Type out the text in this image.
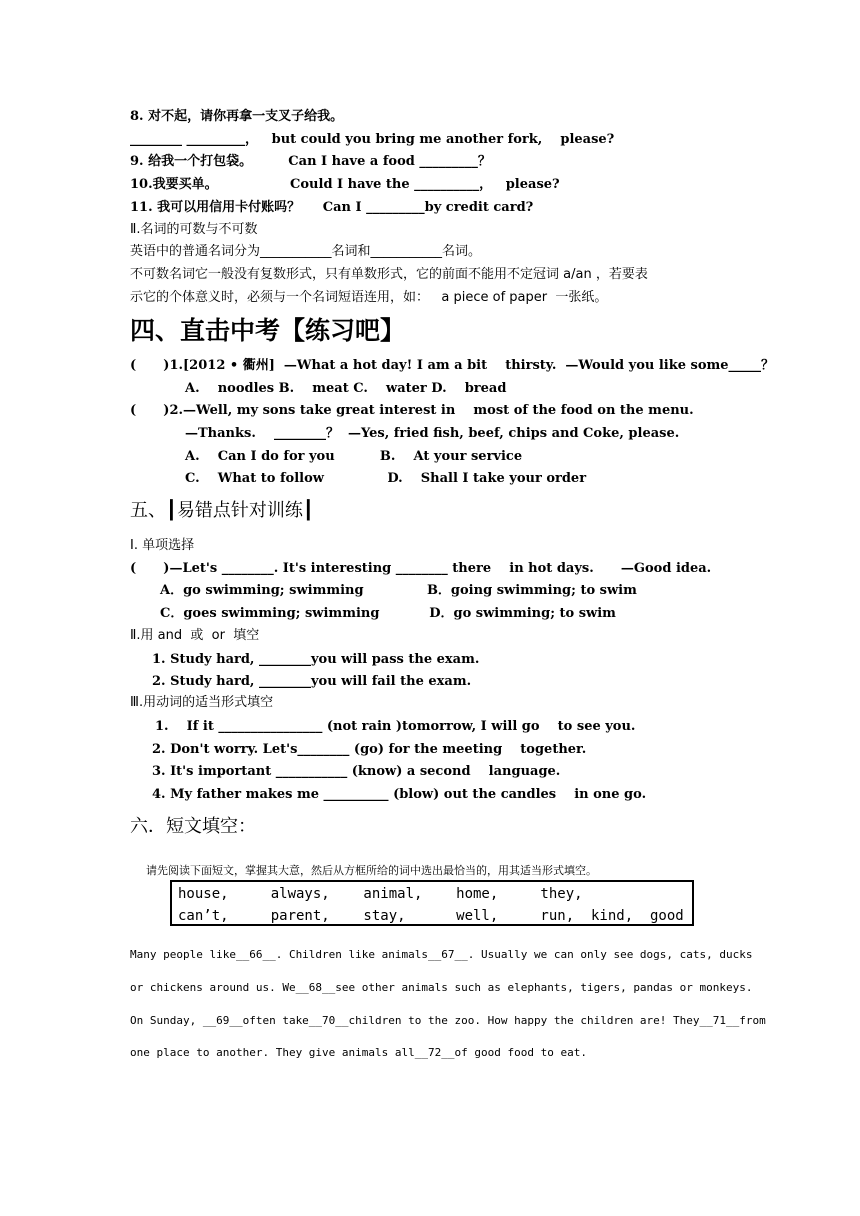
8. 对不起，请你再拿一支叉子给我。
________ _________，   but could you bring me another fork,    please?
9. 给我一个打包袋。        Can I have a food _________？
10.我要买单。                Could I have the __________，   please?
11. 我可以用信用卡付账吗？     Can I _________by credit card?
Ⅱ.名词的可数与不可数
英语中的普通名词分为___________名词和___________名词。
不可数名词它一般没有复数形式，只有单数形式，它的前面不能用不定冠词 a/an ，若要表
示它的个体意义时，必须与一个名词短语连用，如：   a piece of paper  一张纸。
四、直击中考【练习吧】
(      )1.[2012 • 衢州]  —What a hot day! I am a bit    thirsty.  —Would you like some_____？
A.    noodles B.    meat C.    water D.    bread
(      )2.—Well, my sons take great interest in    most of the food on the menu.
—Thanks.    ________？  —Yes, fried fish, beef, chips and Coke, please.
A.    Can I do for you          B.    At your service
C.    What to follow              D.    Shall I take your order
五、┃易错点针对训练┃
Ⅰ. 单项选择
(      )—Let's ________. It's interesting ________ there    in hot days.      —Good idea.
A．go swimming; swimming              B．going swimming; to swim
C．goes swimming; swimming           D．go swimming; to swim
Ⅱ.用 and  或  or  填空
1. Study hard, ________you will pass the exam.
2. Study hard, ________you will fail the exam.
Ⅲ.用动词的适当形式填空
1.    If it ________________ (not rain )tomorrow, I will go    to see you.
2. Don't worry. Let's________ (go) for the meeting    together.
3. It's important ___________ (know) a second    language.
4. My father makes me __________ (blow) out the candles    in one go.
六．短文填空：
请先阅读下面短文，掌握其大意，然后从方框所给的词中选出最恰当的，用其适当形式填空。
house,     always,    animal,    home,     they,
can’t,     parent,    stay,      well,     run,  kind,  good
Many people like__66__. Children like animals__67__. Usually we can only see dogs, cats, ducks
or chickens around us. We__68__see other animals such as elephants, tigers, pandas or monkeys.
On Sunday, __69__often take__70__children to the zoo. How happy the children are! They__71__from
one place to another. They give animals all__72__of good food to eat.
